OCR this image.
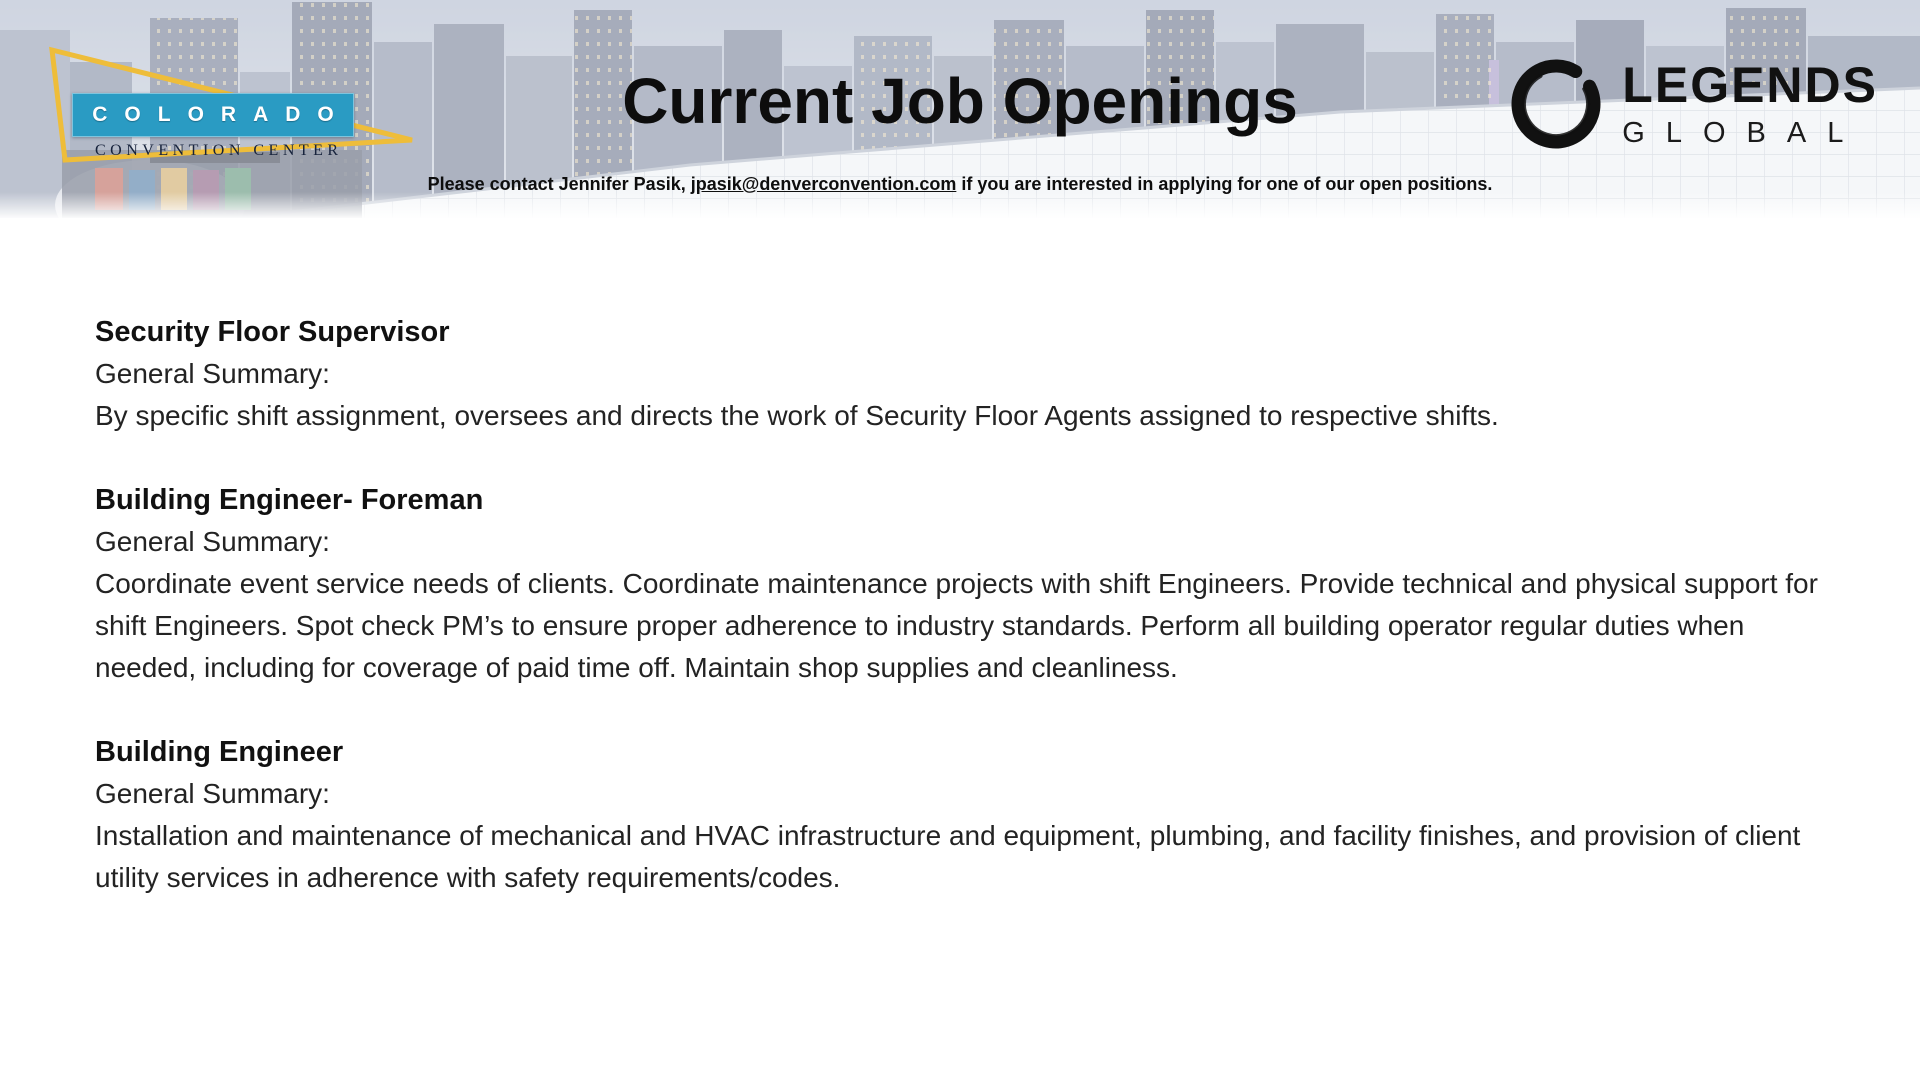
COLORADO
CONVENTION CENTER
Current Job Openings	LEGENDS
GLOBAL
Please contact Jennifer Pasik, jpasik@denverconvention.com if you are interested in applying for one of our open positions.
Security Floor Supervisor
General Summary:
By specific shift assignment, oversees and directs the work of Security Floor Agents assigned to respective shifts.
Building Engineer- Foreman
General Summary:
Coordinate event service needs of clients. Coordinate maintenance projects with shift Engineers. Provide technical and physical support for shift Engineers. Spot check PM’s to ensure proper adherence to industry standards. Perform all building operator regular duties when needed, including for coverage of paid time off. Maintain shop supplies and cleanliness.
Building Engineer
General Summary:
Installation and maintenance of mechanical and HVAC infrastructure and equipment, plumbing, and facility finishes, and provision of client utility services in adherence with safety requirements/codes.
